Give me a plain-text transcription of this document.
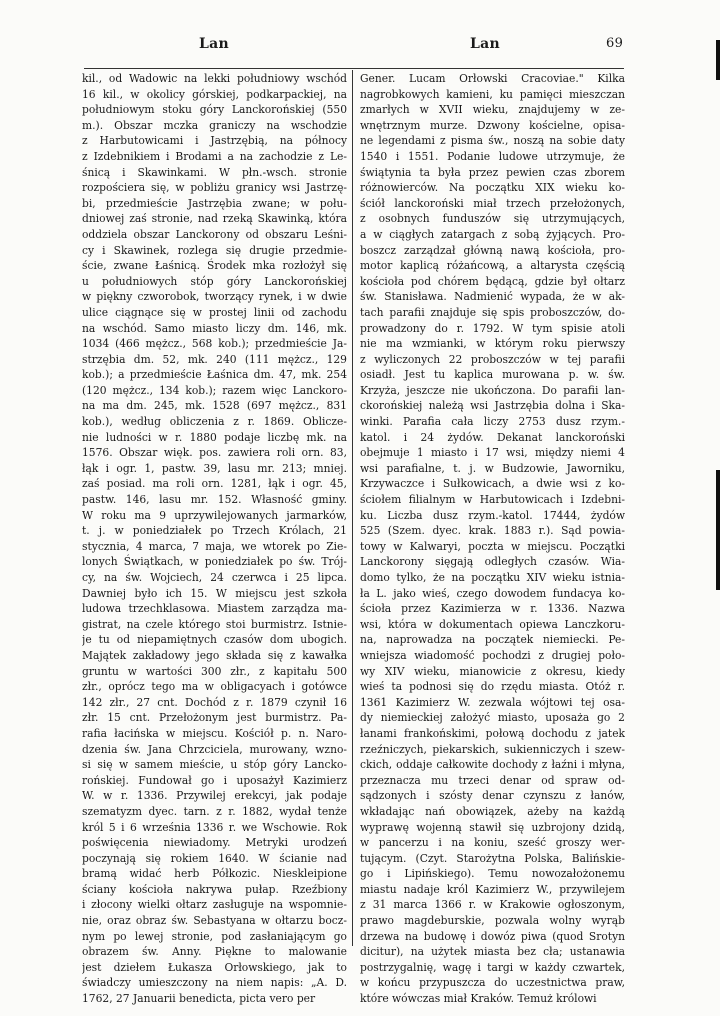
Lan	Lan	69
kil., od Wadowic na lekki południowy wschód
16 kil., w okolicy górskiej, podkarpackiej, na
południowym stoku góry Lanckorońskiej (550
m.). Obszar mczka graniczy na wschodzie
z Harbutowicami i Jastrzębią, na północy
z Izdebnikiem i Brodami a na zachodzie z Le-
śnicą i Skawinkami. W płn.-wsch. stronie
rozpościera się, w pobliżu granicy wsi Jastrzę-
bi, przedmieście Jastrzębia zwane; w połu-
dniowej zaś stronie, nad rzeką Skawinką, która
oddziela obszar Lanckorony od obszaru Leśni-
cy i Skawinek, rozlega się drugie przedmie-
ście, zwane Łaśnicą. Środek mka rozłożył się
u południowych stóp góry Lanckorońskiej
w piękny czworobok, tworzący rynek, i w dwie
ulice ciągnące się w prostej linii od zachodu
na wschód. Samo miasto liczy dm. 146, mk.
1034 (466 mężcz., 568 kob.); przedmieście Ja-
strzębia dm. 52, mk. 240 (111 mężcz., 129
kob.); a przedmieście Łaśnica dm. 47, mk. 254
(120 mężcz., 134 kob.); razem więc Lanckoro-
na ma dm. 245, mk. 1528 (697 mężcz., 831
kob.), według obliczenia z r. 1869. Oblicze-
nie ludności w r. 1880 podaje liczbę mk. na
1576. Obszar więk. pos. zawiera roli orn. 83,
łąk i ogr. 1, pastw. 39, lasu mr. 213; mniej.
zaś posiad. ma roli orn. 1281, łąk i ogr. 45,
pastw. 146, lasu mr. 152. Własność gminy.
W roku ma 9 uprzywilejowanych jarmarków,
t. j. w poniedziałek po Trzech Królach, 21
stycznia, 4 marca, 7 maja, we wtorek po Zie-
lonych Świątkach, w poniedziałek po św. Trój-
cy, na św. Wojciech, 24 czerwca i 25 lipca.
Dawniej było ich 15. W miejscu jest szkoła
ludowa trzechklasowa. Miastem zarządza ma-
gistrat, na czele którego stoi burmistrz. Istnie-
je tu od niepamiętnych czasów dom ubogich.
Majątek zakładowy jego składa się z kawałka
gruntu w wartości 300 złr., z kapitału 500
złr., oprócz tego ma w obligacyach i gotówce
142 złr., 27 cnt. Dochód z r. 1879 czynił 16
złr. 15 cnt. Przełożonym jest burmistrz. Pa-
rafia łacińska w miejscu. Kościół p. n. Naro-
dzenia św. Jana Chrzciciela, murowany, wzno-
si się w samem mieście, u stóp góry Lancko-
rońskiej. Fundował go i uposażył Kazimierz
W. w r. 1336. Przywilej erekcyi, jak podaje
szematyzm dyec. tarn. z r. 1882, wydał tenże
król 5 i 6 września 1336 r. we Wschowie. Rok
poświęcenia niewiadomy. Metryki urodzeń
poczynają się rokiem 1640. W ścianie nad
bramą widać herb Półkozic. Nieskleipione
ściany kościoła nakrywa pułap. Rzeźbiony
i złocony wielki ołtarz zasługuje na wspomnie-
nie, oraz obraz św. Sebastyana w ołtarzu bocz-
nym po lewej stronie, pod zasłaniającym go
obrazem św. Anny. Piękne to malowanie
jest dziełem Łukasza Orłowskiego, jak to
świadczy umieszczony na niem napis: „A. D.
1762, 27 Januarii benedicta, picta vero per
Gener. Lucam Orłowski Cracoviae." Kilka
nagrobkowych kamieni, ku pamięci mieszczan
zmarłych w XVII wieku, znajdujemy w ze-
wnętrznym murze. Dzwony kościelne, opisa-
ne legendami z pisma św., noszą na sobie daty
1540 i 1551. Podanie ludowe utrzymuje, że
świątynia ta była przez pewien czas zborem
różnowierców. Na początku XIX wieku ko-
ściół lanckoroński miał trzech przełożonych,
z osobnych funduszów się utrzymujących,
a w ciągłych zatargach z sobą żyjących. Pro-
boszcz zarządzał główną nawą kościoła, pro-
motor kaplicą różańcową, a altarysta częścią
kościoła pod chórem będącą, gdzie był ołtarz
św. Stanisława. Nadmienić wypada, że w ak-
tach parafii znajduje się spis proboszczów, do-
prowadzony do r. 1792. W tym spisie atoli
nie ma wzmianki, w którym roku pierwszy
z wyliczonych 22 proboszczów w tej parafii
osiadł. Jest tu kaplica murowana p. w. św.
Krzyża, jeszcze nie ukończona. Do parafii lan-
ckorońskiej należą wsi Jastrzębia dolna i Ska-
winki. Parafia cała liczy 2753 dusz rzym.-
katol. i 24 żydów. Dekanat lanckoroński
obejmuje 1 miasto i 17 wsi, między niemi 4
wsi parafialne, t. j. w Budzowie, Jaworniku,
Krzywaczce i Sułkowicach, a dwie wsi z ko-
ściołem filialnym w Harbutowicach i Izdebni-
ku. Liczba dusz rzym.-katol. 17444, żydów
525 (Szem. dyec. krak. 1883 r.). Sąd powia-
towy w Kalwaryi, poczta w miejscu. Początki
Lanckorony sięgają odległych czasów. Wia-
domo tylko, że na początku XIV wieku istnia-
ła L. jako wieś, czego dowodem fundacya ko-
ścioła przez Kazimierza w r. 1336. Nazwa
wsi, która w dokumentach opiewa Lanczkoru-
na, naprowadza na początek niemiecki. Pe-
wniejsza wiadomość pochodzi z drugiej poło-
wy XIV wieku, mianowicie z okresu, kiedy
wieś ta podnosi się do rzędu miasta. Otóż r.
1361 Kazimierz W. zezwala wójtowi tej osa-
dy niemieckiej założyć miasto, uposaża go 2
łanami frankońskimi, połową dochodu z jatek
rzeźniczych, piekarskich, sukienniczych i szew-
ckich, oddaje całkowite dochody z łaźni i młyna,
przeznacza mu trzeci denar od spraw od-
sądzonych i szósty denar czynszu z łanów,
wkładając nań obowiązek, ażeby na każdą
wyprawę wojenną stawił się uzbrojony dzidą,
w pancerzu i na koniu, sześć groszy wer-
tującym. (Czyt. Starożytna Polska, Balińskie-
go i Lipińskiego). Temu nowozałożonemu
miastu nadaje król Kazimierz W., przywilejem
z 31 marca 1366 r. w Krakowie ogłoszonym,
prawo magdeburskie, pozwala wolny wyrąb
drzewa na budowę i dowóz piwa (quod Srotyn
dicitur), na użytek miasta bez cła; ustanawia
postrzygalnię, wagę i targi w każdy czwartek,
w końcu przypuszcza do uczestnictwa praw,
które wówczas miał Kraków. Temuż królowi
